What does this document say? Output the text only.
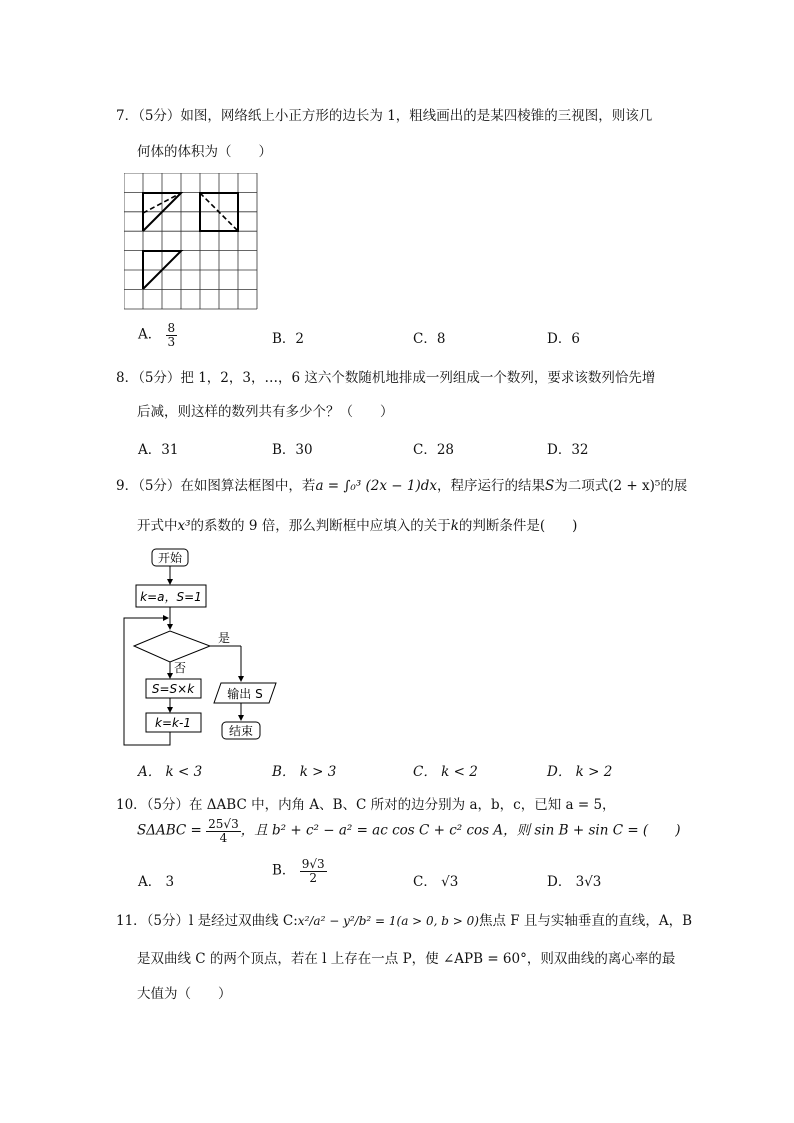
7．（5分）如图，网络纸上小正方形的边长为 1，粗线画出的是某四棱锥的三视图，则该几
何体的体积为（　　）
A． $\frac{8}{3}$	B．2	C．8	D．6
8．（5分）把 1，2，3，…，6 这六个数随机地排成一列组成一个数列，要求该数列恰先增
后减，则这样的数列共有多少个？（　　）
A．31	B．30	C．28	D．32
9．（5分）在如图算法框图中，若a = ∫₀³ (2x − 1)dx，程序运行的结果S为二项式(2 + x)⁵的展
开式中x³的系数的 9 倍，那么判断框中应填入的关于k的判断条件是(　　)
开始
k=a，S=1
是
否
S=S×k
k=k-1
输出 S
结束
A． k < 3	B． k > 3	C． k < 2	D． k > 2
10．（5分）在 ΔABC 中，内角 A、B、C 所对的边分别为 a，b，c，已知 a = 5，
$S\Delta ABC = \frac{25√3}{4}$ ，且 b² + c² − a² = ac cos C + c² cos A，则 sin B + sin C = (　　)
A． 3
B． $\frac{9√3}{2}$	C． √3	D． 3√3
11．（5分）l 是经过双曲线 C:x²/a² − y²/b² = 1(a > 0, b > 0)焦点 F 且与实轴垂直的直线，A，B
是双曲线 C 的两个顶点，若在 l 上存在一点 P，使 ∠APB = 60°，则双曲线的离心率的最
大值为（　　）
